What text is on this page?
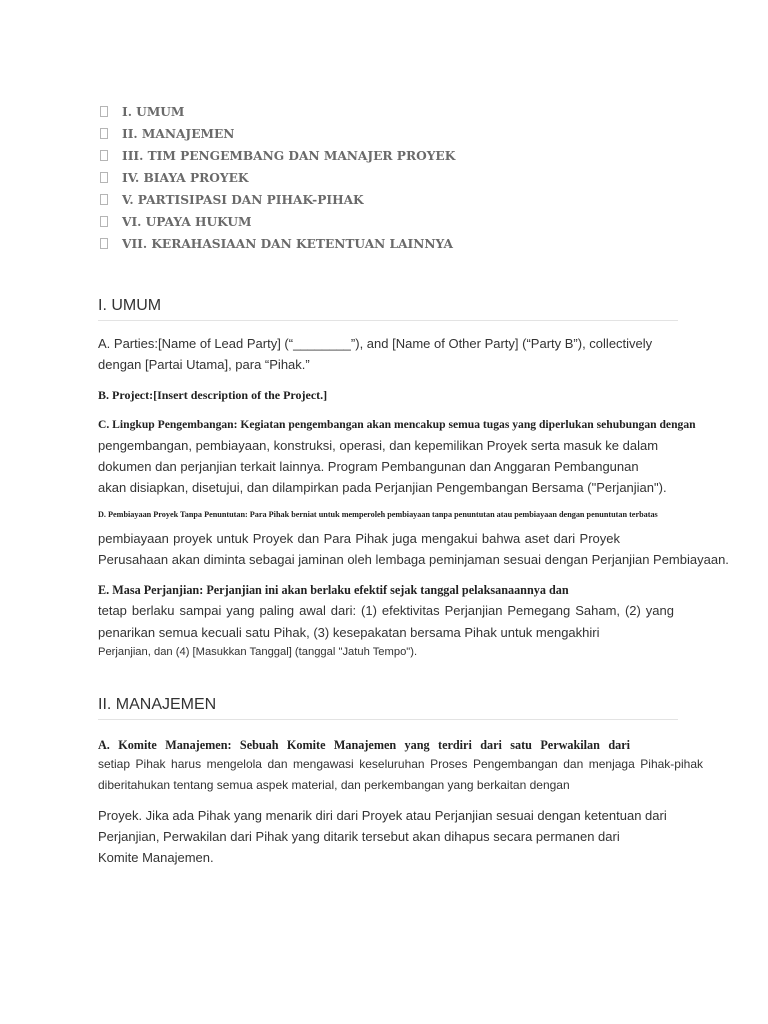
I. UMUM
II. MANAJEMEN
III. TIM PENGEMBANG DAN MANAJER PROYEK
IV. BIAYA PROYEK
V. PARTISIPASI DAN PIHAK-PIHAK
VI. UPAYA HUKUM
VII. KERAHASIAAN DAN KETENTUAN LAINNYA
I. UMUM
A. Parties:[Name of Lead Party] (“________”), and [Name of Other Party] (“Party B”), collectively
dengan [Partai Utama], para “Pihak.”
B. Project:[Insert description of the Project.]
C. Lingkup Pengembangan: Kegiatan pengembangan akan mencakup semua tugas yang diperlukan sehubungan dengan
pengembangan, pembiayaan, konstruksi, operasi, dan kepemilikan Proyek serta masuk ke dalam
dokumen dan perjanjian terkait lainnya. Program Pembangunan dan Anggaran Pembangunan
akan disiapkan, disetujui, dan dilampirkan pada Perjanjian Pengembangan Bersama ("Perjanjian").
D. Pembiayaan Proyek Tanpa Penuntutan: Para Pihak berniat untuk memperoleh pembiayaan tanpa penuntutan atau pembiayaan dengan penuntutan terbatas
pembiayaan proyek untuk Proyek dan Para Pihak juga mengakui bahwa aset dari Proyek
Perusahaan akan diminta sebagai jaminan oleh lembaga peminjaman sesuai dengan Perjanjian Pembiayaan.
E. Masa Perjanjian: Perjanjian ini akan berlaku efektif sejak tanggal pelaksanaannya dan
tetap berlaku sampai yang paling awal dari: (1) efektivitas Perjanjian Pemegang Saham, (2) yang
penarikan semua kecuali satu Pihak, (3) kesepakatan bersama Pihak untuk mengakhiri
Perjanjian, dan (4) [Masukkan Tanggal] (tanggal "Jatuh Tempo").
II. MANAJEMEN
A. Komite Manajemen: Sebuah Komite Manajemen yang terdiri dari satu Perwakilan dari
setiap Pihak harus mengelola dan mengawasi keseluruhan Proses Pengembangan dan menjaga Pihak-pihak
diberitahukan tentang semua aspek material, dan perkembangan yang berkaitan dengan
Proyek. Jika ada Pihak yang menarik diri dari Proyek atau Perjanjian sesuai dengan ketentuan dari
Perjanjian, Perwakilan dari Pihak yang ditarik tersebut akan dihapus secara permanen dari
Komite Manajemen.
